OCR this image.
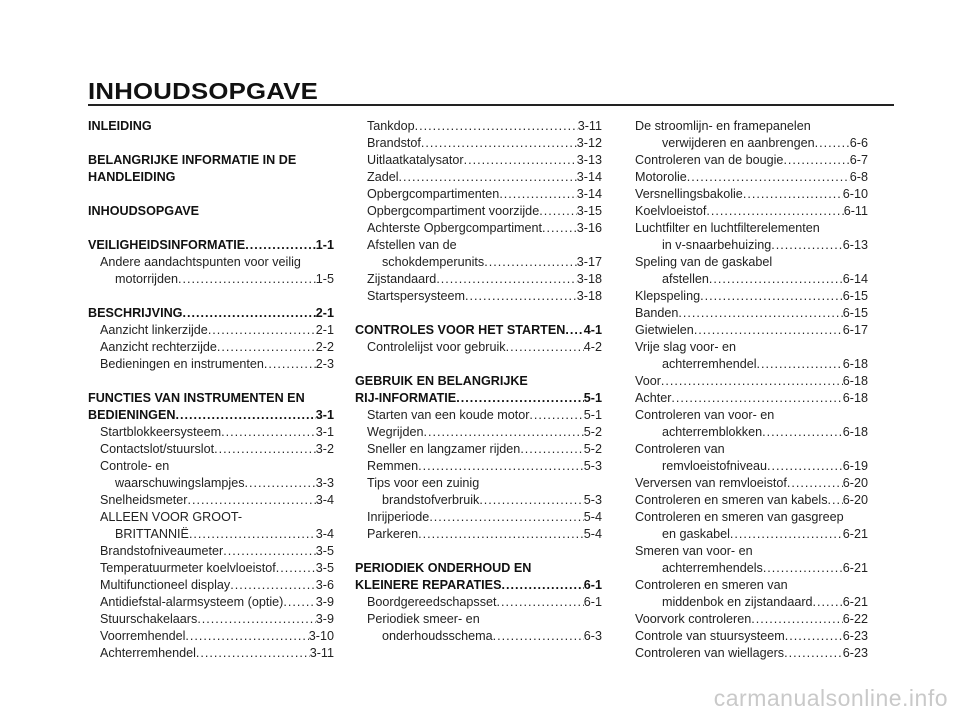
INHOUDSOPGAVE
INLEIDING
BELANGRIJKE INFORMATIE IN DE
HANDLEIDING
INHOUDSOPGAVE
VEILIGHEIDSINFORMATIE .....	1-1
Andere aandachtspunten voor veilig
motorrijden .....	1-5
BESCHRIJVING .....	2-1
Aanzicht linkerzijde .....	2-1
Aanzicht rechterzijde .....	2-2
Bedieningen en instrumenten .....	2-3
FUNCTIES VAN INSTRUMENTEN EN
BEDIENINGEN .....	3-1
Startblokkeersysteem .....	3-1
Contactslot/stuurslot .....	3-2
Controle- en
waarschuwingslampjes .....	3-3
Snelheidsmeter .....	3-4
ALLEEN VOOR GROOT-
BRITTANNIË .....	3-4
Brandstofniveaumeter .....	3-5
Temperatuurmeter koelvloeistof .....	3-5
Multifunctioneel display .....	3-6
Antidiefstal-alarmsysteem (optie) .....	3-9
Stuurschakelaars .....	3-9
Voorremhendel .....	3-10
Achterremhendel .....	3-11
Tankdop .....	3-11
Brandstof .....	3-12
Uitlaatkatalysator .....	3-13
Zadel .....	3-14
Opbergcompartimenten .....	3-14
Opbergcompartiment voorzijde .....	3-15
Achterste Opbergcompartiment .....	3-16
Afstellen van de
schokdemperunits .....	3-17
Zijstandaard .....	3-18
Startspersysteem .....	3-18
CONTROLES VOOR HET STARTEN ..... 4-1
Controlelijst voor gebruik .....	4-2
GEBRUIK EN BELANGRIJKE
RIJ-INFORMATIE .....	5-1
Starten van een koude motor .....	5-1
Wegrijden .....	5-2
Sneller en langzamer rijden .....	5-2
Remmen .....	5-3
Tips voor een zuinig
brandstofverbruik .....	5-3
Inrijperiode .....	5-4
Parkeren .....	5-4
PERIODIEK ONDERHOUD EN
KLEINERE REPARATIES .....	6-1
Boordgereedschapsset .....	6-1
Periodiek smeer- en
onderhoudsschema .....	6-3
De stroomlijn- en framepanelen
verwijderen en aanbrengen .....	6-6
Controleren van de bougie .....	6-7
Motorolie .....	6-8
Versnellingsbakolie .....	6-10
Koelvloeistof .....	6-11
Luchtfilter en luchtfilterelementen
in v-snaarbehuizing .....	6-13
Speling van de gaskabel
afstellen .....	6-14
Klepspeling .....	6-15
Banden .....	6-15
Gietwielen .....	6-17
Vrije slag voor- en
achterremhendel .....	6-18
Voor .....	6-18
Achter .....	6-18
Controleren van voor- en
achterremblokken .....	6-18
Controleren van
remvloeistofniveau .....	6-19
Verversen van remvloeistof .....	6-20
Controleren en smeren van kabels ..... 6-20
Controleren en smeren van gasgreep
en gaskabel .....	6-21
Smeren van voor- en
achterremhendels .....	6-21
Controleren en smeren van
middenbok en zijstandaard ..... 6-21
Voorvork controleren .....	6-22
Controle van stuursysteem .....	6-23
Controleren van wiellagers .....	6-23
carmanualsonline.info
